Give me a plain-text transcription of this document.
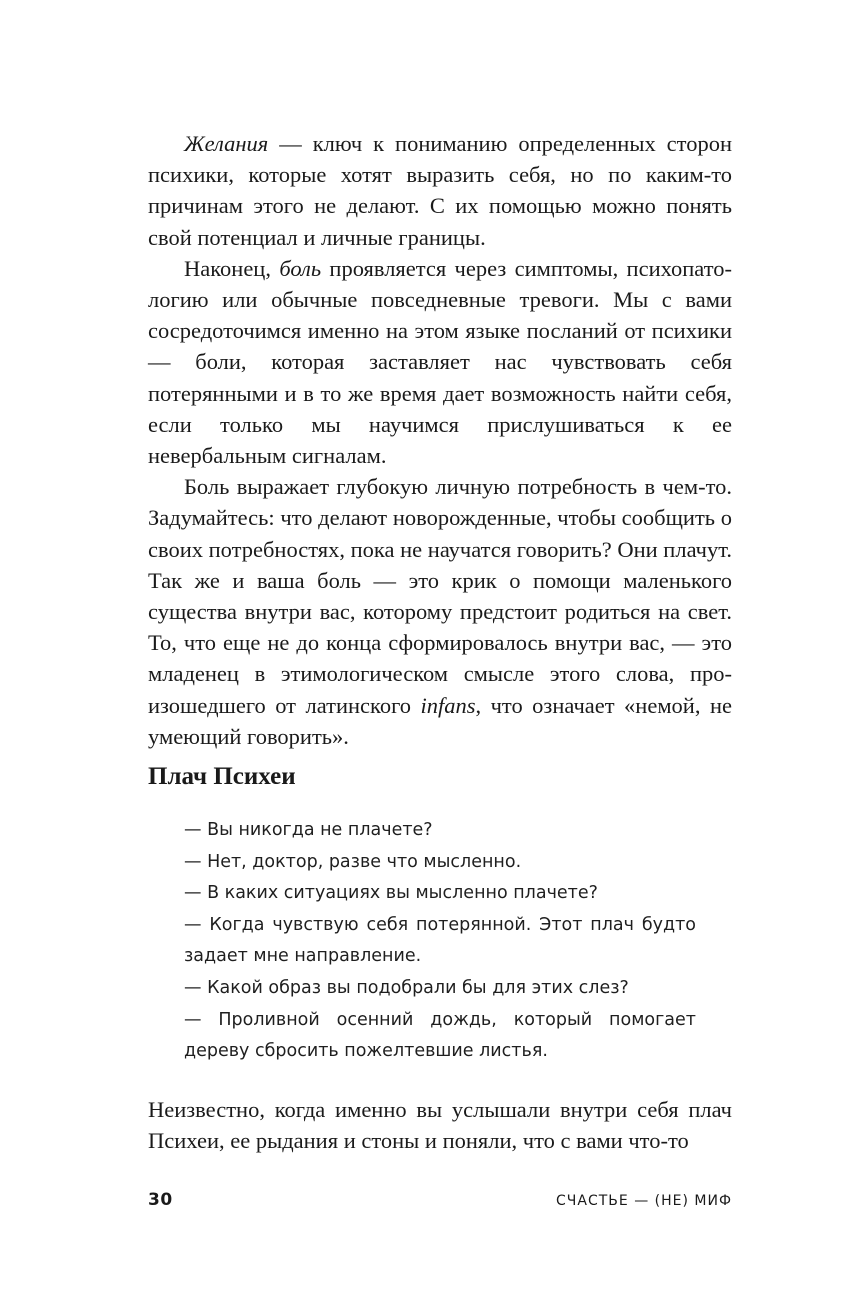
Желания — ключ к пониманию определенных сторон психики, которые хотят выразить себя, но по каким-то причинам этого не делают. С их помощью можно понять свой потенциал и личные границы.

Наконец, боль проявляется через симптомы, психопатологию или обычные повседневные тревоги. Мы с вами сосредоточимся именно на этом языке посланий от психики — боли, которая заставляет нас чувствовать себя потерянными и в то же время дает возможность найти себя, если только мы научимся прислушиваться к ее невербальным сигналам.

Боль выражает глубокую личную потребность в чем-то. Задумайтесь: что делают новорожденные, чтобы сообщить о своих потребностях, пока не научатся говорить? Они плачут. Так же и ваша боль — это крик о помощи маленького существа внутри вас, которому предстоит родиться на свет. То, что еще не до конца сформировалось внутри вас, — это младенец в этимологическом смысле этого слова, произошедшего от латинского infans, что означает «немой, не умеющий говорить».

Плач Психеи

— Вы никогда не плачете?

— Нет, доктор, разве что мысленно.

— В каких ситуациях вы мысленно плачете?

— Когда чувствую себя потерянной. Этот плач будто задает мне направление.

— Какой образ вы подобрали бы для этих слез?

— Проливной осенний дождь, который помогает дереву сбросить пожелтевшие листья.

Неизвестно, когда именно вы услышали внутри себя плач Психеи, ее рыдания и стоны и поняли, что с вами что-то

30	СЧАСТЬЕ — (НЕ) МИФ
